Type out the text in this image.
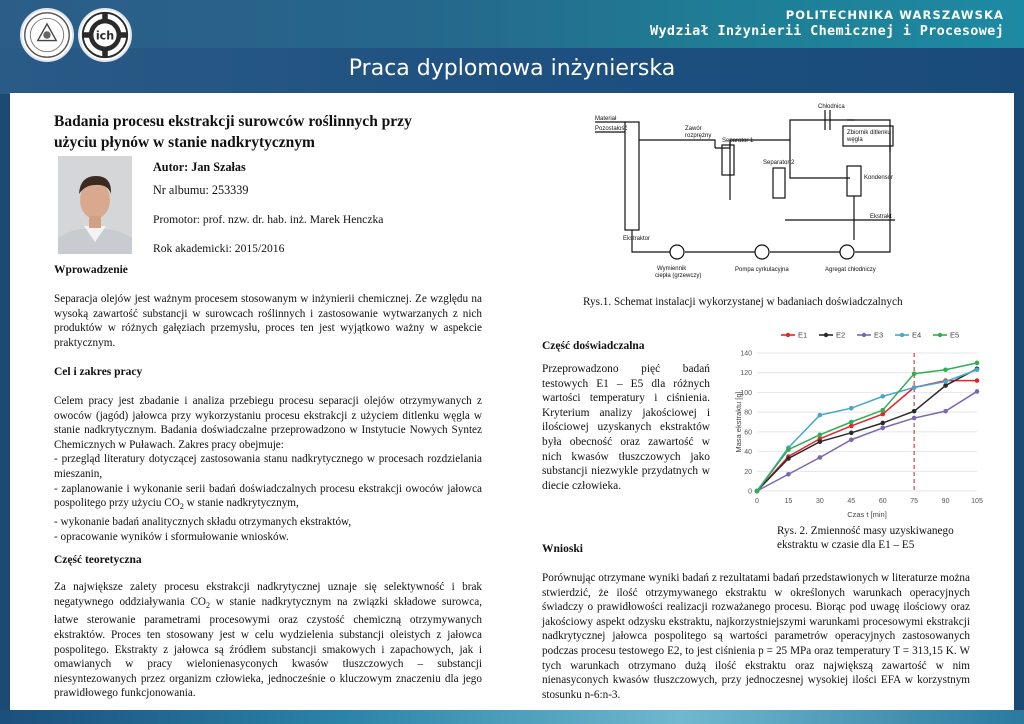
ich
POLITECHNIKA WARSZAWSKA
Wydział Inżynierii Chemicznej i Procesowej
Praca dyplomowa inżynierska
Badania procesu ekstrakcji surowców roślinnych przy użyciu płynów w stanie nadkrytycznym
Autor: Jan Szałas
Nr albumu: 253339
Promotor: prof. nzw. dr. hab. inż. Marek Henczka
Rok akademicki: 2015/2016
Wprowadzenie
Separacja olejów jest ważnym procesem stosowanym w inżynierii chemicznej. Ze względu na wysoką zawartość substancji w surowcach roślinnych i zastosowanie wytwarzanych z nich produktów w różnych gałęziach przemysłu, proces ten jest wyjątkowo ważny w aspekcie praktycznym.
Cel i zakres pracy
Celem pracy jest zbadanie i analiza przebiegu procesu separacji olejów otrzymywanych z owoców (jagód) jałowca przy wykorzystaniu procesu ekstrakcji z użyciem ditlenku węgla w stanie nadkrytycznym. Badania doświadczalne przeprowadzono w Instytucie Nowych Syntez Chemicznych w Puławach. Zakres pracy obejmuje:
- przegląd literatury dotyczącej zastosowania stanu nadkrytycznego w procesach rozdzielania mieszanin,
- zaplanowanie i wykonanie serii badań doświadczalnych procesu ekstrakcji owoców jałowca pospolitego przy użyciu $CO_2$ w stanie nadkrytycznym,
- wykonanie badań analitycznych składu otrzymanych ekstraktów,
- opracowanie wyników i sformułowanie wniosków.
Część teoretyczna
Za największe zalety procesu ekstrakcji nadkrytycznej uznaje się selektywność i brak negatywnego oddziaływania $CO_2$ w stanie nadkrytycznym na związki składowe surowca, łatwe sterowanie parametrami procesowymi oraz czystość chemiczną otrzymywanych ekstraktów. Proces ten stosowany jest w celu wydzielenia substancji oleistych z jałowca pospolitego. Ekstrakty z jałowca są źródłem substancji smakowych i zapachowych, jak i omawianych w pracy wielonienasyconych kwasów tłuszczowych – substancji niesyntezowanych przez organizm człowieka, jednocześnie o kluczowym znaczeniu dla jego prawidłowego funkcjonowania.
Materiał
Pozostałość	Zawór
rozprężny
Separator 1
Separator 2
Chłodnica
Zbiornik ditlenku
węgla
Kondensor
Ekstrakt
Ekstraktor
Wymiennik
ciepła (grzewczy)
Pompa cyrkulacyjna	Agregat chłodniczy
Rys.1. Schemat instalacji wykorzystanej w badaniach doświadczalnych
Część doświadczalna
Przeprowadzono pięć badań testowych E1 – E5 dla różnych wartości temperatury i ciśnienia. Kryterium analizy jakościowej i ilościowej uzyskanych ekstraktów była obecność oraz zawartość w nich kwasów tłuszczowych jako substancji niezwykle przydatnych w diecie człowieka.
0
20
40
60
80
100
120
140
0	15	30	45	60	75	90	105
Czas t [min]
Masa ekstraktu [g]
E1	E2	E3	E4	E5
Rys. 2. Zmienność masy uzyskiwanego
ekstraktu w czasie dla E1 – E5
Wnioski
Porównując otrzymane wyniki badań z rezultatami badań przedstawionych w literaturze można stwierdzić, że ilość otrzymywanego ekstraktu w określonych warunkach operacyjnych świadczy o prawidłowości realizacji rozważanego procesu. Biorąc pod uwagę ilościowy oraz jakościowy aspekt odzysku ekstraktu, najkorzystniejszymi warunkami procesowymi ekstrakcji nadkrytycznej jałowca pospolitego są wartości parametrów operacyjnych zastosowanych podczas procesu testowego E2, to jest ciśnienia p = 25 MPa oraz temperatury T = 313,15 K. W tych warunkach otrzymano dużą ilość ekstraktu oraz największą zawartość w nim nienasyconych kwasów tłuszczowych, przy jednoczesnej wysokiej ilości EFA w korzystnym stosunku n-6:n-3.
